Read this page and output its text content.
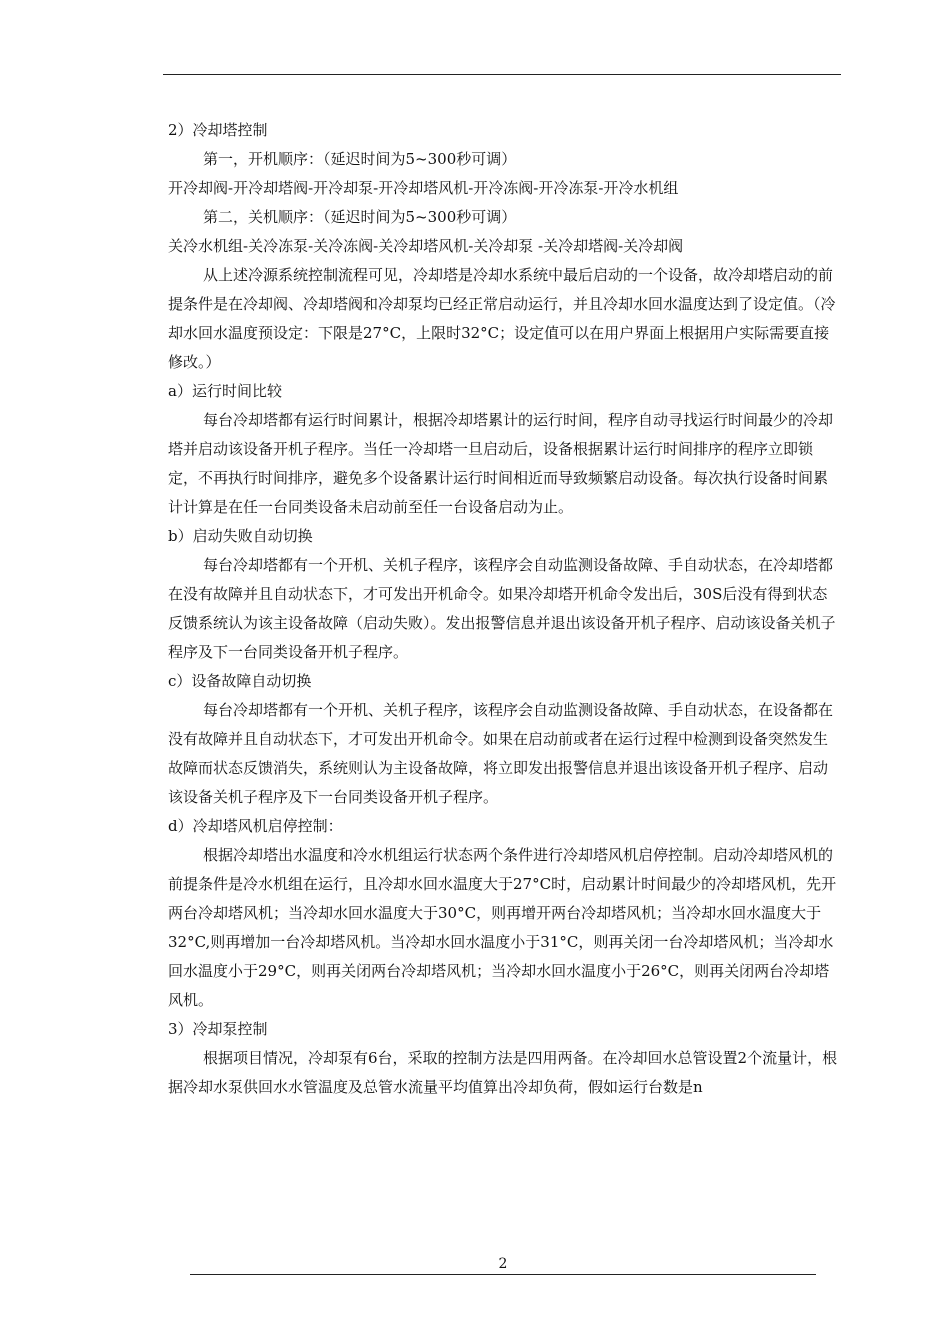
2）冷却塔控制

第一，开机顺序：（延迟时间为5~300秒可调）

开冷却阀-开冷却塔阀-开冷却泵-开冷却塔风机-开冷冻阀-开冷冻泵-开冷水机组

第二，关机顺序：（延迟时间为5~300秒可调）

关冷水机组-关冷冻泵-关冷冻阀-关冷却塔风机-关冷却泵 -关冷却塔阀-关冷却阀

从上述冷源系统控制流程可见，冷却塔是冷却水系统中最后启动的一个设备，故冷却塔启动的前提条件是在冷却阀、冷却塔阀和冷却泵均已经正常启动运行，并且冷却水回水温度达到了设定值。（冷却水回水温度预设定：下限是27°C，上限时32°C；设定值可以在用户界面上根据用户实际需要直接修改。）

a）运行时间比较

每台冷却塔都有运行时间累计，根据冷却塔累计的运行时间，程序自动寻找运行时间最少的冷却塔并启动该设备开机子程序。当任一冷却塔一旦启动后，设备根据累计运行时间排序的程序立即锁定，不再执行时间排序，避免多个设备累计运行时间相近而导致频繁启动设备。每次执行设备时间累计计算是在任一台同类设备未启动前至任一台设备启动为止。

b）启动失败自动切换

每台冷却塔都有一个开机、关机子程序，该程序会自动监测设备故障、手自动状态，在冷却塔都在没有故障并且自动状态下，才可发出开机命令。如果冷却塔开机命令发出后，30S后没有得到状态反馈系统认为该主设备故障（启动失败）。发出报警信息并退出该设备开机子程序、启动该设备关机子程序及下一台同类设备开机子程序。

c）设备故障自动切换

每台冷却塔都有一个开机、关机子程序，该程序会自动监测设备故障、手自动状态，在设备都在没有故障并且自动状态下，才可发出开机命令。如果在启动前或者在运行过程中检测到设备突然发生故障而状态反馈消失，系统则认为主设备故障，将立即发出报警信息并退出该设备开机子程序、启动该设备关机子程序及下一台同类设备开机子程序。

d）冷却塔风机启停控制：

根据冷却塔出水温度和冷水机组运行状态两个条件进行冷却塔风机启停控制。启动冷却塔风机的前提条件是冷水机组在运行，且冷却水回水温度大于27°C时，启动累计时间最少的冷却塔风机，先开两台冷却塔风机；当冷却水回水温度大于30°C，则再增开两台冷却塔风机；当冷却水回水温度大于32°C,则再增加一台冷却塔风机。当冷却水回水温度小于31°C，则再关闭一台冷却塔风机；当冷却水回水温度小于29°C，则再关闭两台冷却塔风机；当冷却水回水温度小于26°C，则再关闭两台冷却塔风机。

3）冷却泵控制

根据项目情况，冷却泵有6台，采取的控制方法是四用两备。在冷却回水总管设置2个流量计，根据冷却水泵供回水水管温度及总管水流量平均值算出冷却负荷，假如运行台数是n

2
